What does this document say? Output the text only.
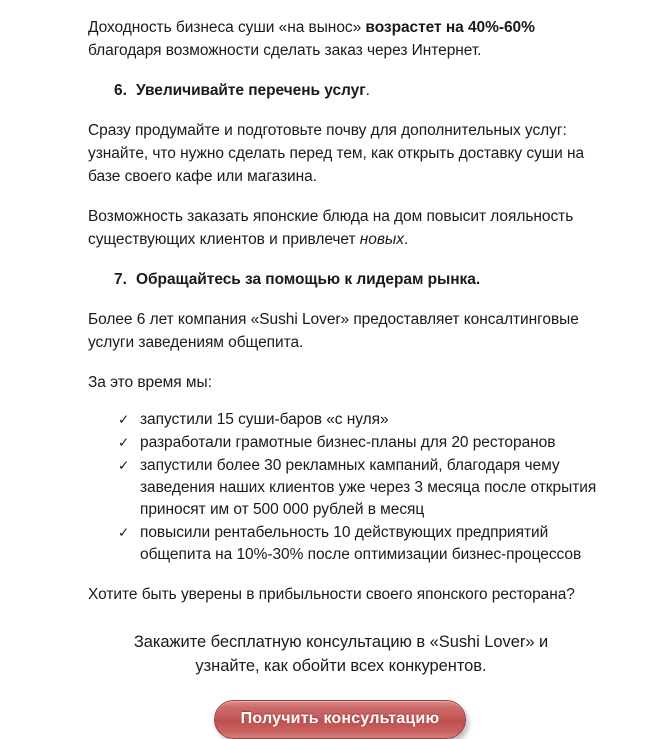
Доходность бизнеса суши «на вынос» возрастет на 40%-60% благодаря возможности сделать заказ через Интернет.

6. Увеличивайте перечень услуг.

Сразу продумайте и подготовьте почву для дополнительных услуг: узнайте, что нужно сделать перед тем, как открыть доставку суши на базе своего кафе или магазина.

Возможность заказать японские блюда на дом повысит лояльность существующих клиентов и привлечет новых.

7. Обращайтесь за помощью к лидерам рынка.

Более 6 лет компания «Sushi Lover» предоставляет консалтинговые услуги заведениям общепита.

За это время мы:

✓ запустили 15 суши-баров «с нуля»
✓ разработали грамотные бизнес-планы для 20 ресторанов
✓ запустили более 30 рекламных кампаний, благодаря чему заведения наших клиентов уже через 3 месяца после открытия приносят им от 500 000 рублей в месяц
✓ повысили рентабельность 10 действующих предприятий общепита на 10%-30% после оптимизации бизнес-процессов

Хотите быть уверены в прибыльности своего японского ресторана?

Закажите бесплатную консультацию в «Sushi Lover» и
узнайте, как обойти всех конкурентов.
Получить консультацию
